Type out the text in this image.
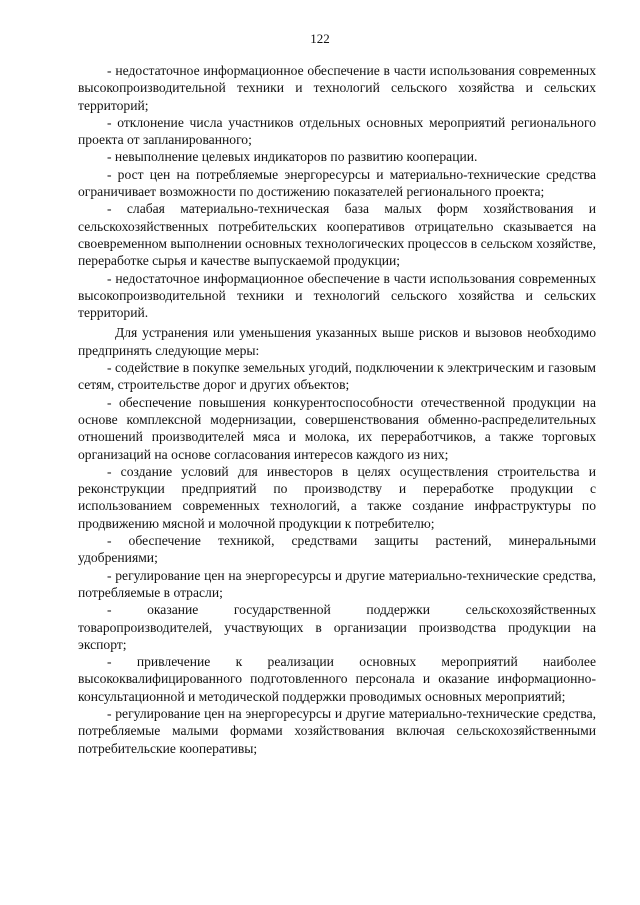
122

- недостаточное информационное обеспечение в части использования современных высокопроизводительной техники и технологий сельского хозяйства и сельских территорий;

- отклонение числа участников отдельных основных мероприятий регионального проекта от запланированного;

- невыполнение целевых индикаторов по развитию кооперации.

- рост цен на потребляемые энергоресурсы и материально-технические средства ограничивает возможности по достижению показателей регионального проекта;

- слабая материально-техническая база малых форм хозяйствования и сельскохозяйственных потребительских кооперативов отрицательно сказывается на своевременном выполнении основных технологических процессов в сельском хозяйстве, переработке сырья и качестве выпускаемой продукции;

- недостаточное информационное обеспечение в части использования современных высокопроизводительной техники и технологий сельского хозяйства и сельских территорий.

Для устранения или уменьшения указанных выше рисков и вызовов необходимо предпринять следующие меры:

- содействие в покупке земельных угодий, подключении к электрическим и газовым сетям, строительстве дорог и других объектов;

- обеспечение повышения конкурентоспособности отечественной продукции на основе комплексной модернизации, совершенствования обменно-распределительных отношений производителей мяса и молока, их переработчиков, а также торговых организаций на основе согласования интересов каждого из них;

- создание условий для инвесторов в целях осуществления строительства и реконструкции предприятий по производству и переработке продукции с использованием современных технологий, а также создание инфраструктуры по продвижению мясной и молочной продукции к потребителю;

- обеспечение техникой, средствами защиты растений, минеральными удобрениями;

- регулирование цен на энергоресурсы и другие материально-технические средства, потребляемые в отрасли;

- оказание государственной поддержки сельскохозяйственных товаропроизводителей, участвующих в организации производства продукции на экспорт;

- привлечение к реализации основных мероприятий наиболее высококвалифицированного подготовленного персонала и оказание информационно-консультационной и методической поддержки проводимых основных мероприятий;

- регулирование цен на энергоресурсы и другие материально-технические средства, потребляемые малыми формами хозяйствования включая сельскохозяйственными потребительские кооперативы;
